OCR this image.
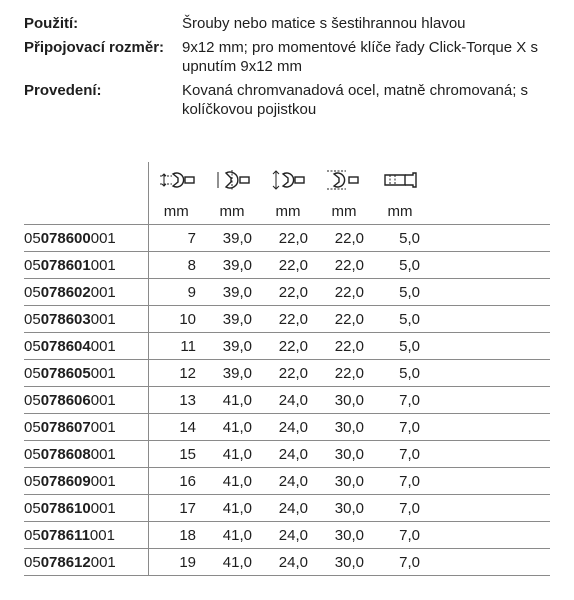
Použití:	Šrouby nebo matice s šestihrannou hlavou
Připojovací rozměr:	9x12 mm; pro momentové klíče řady Click-Torque X s upnutím 9x12 mm
Provedení:	Kovaná chromvanadová ocel, matně chromovaná; s kolíčkovou pojistkou

	mm	mm	mm	mm	mm	
05078600001	7	39,0	22,0	22,0	5,0	
05078601001	8	39,0	22,0	22,0	5,0	
05078602001	9	39,0	22,0	22,0	5,0	
05078603001	10	39,0	22,0	22,0	5,0	
05078604001	11	39,0	22,0	22,0	5,0	
05078605001	12	39,0	22,0	22,0	5,0	
05078606001	13	41,0	24,0	30,0	7,0	
05078607001	14	41,0	24,0	30,0	7,0	
05078608001	15	41,0	24,0	30,0	7,0	
05078609001	16	41,0	24,0	30,0	7,0	
05078610001	17	41,0	24,0	30,0	7,0	
05078611001	18	41,0	24,0	30,0	7,0	
05078612001	19	41,0	24,0	30,0	7,0	
